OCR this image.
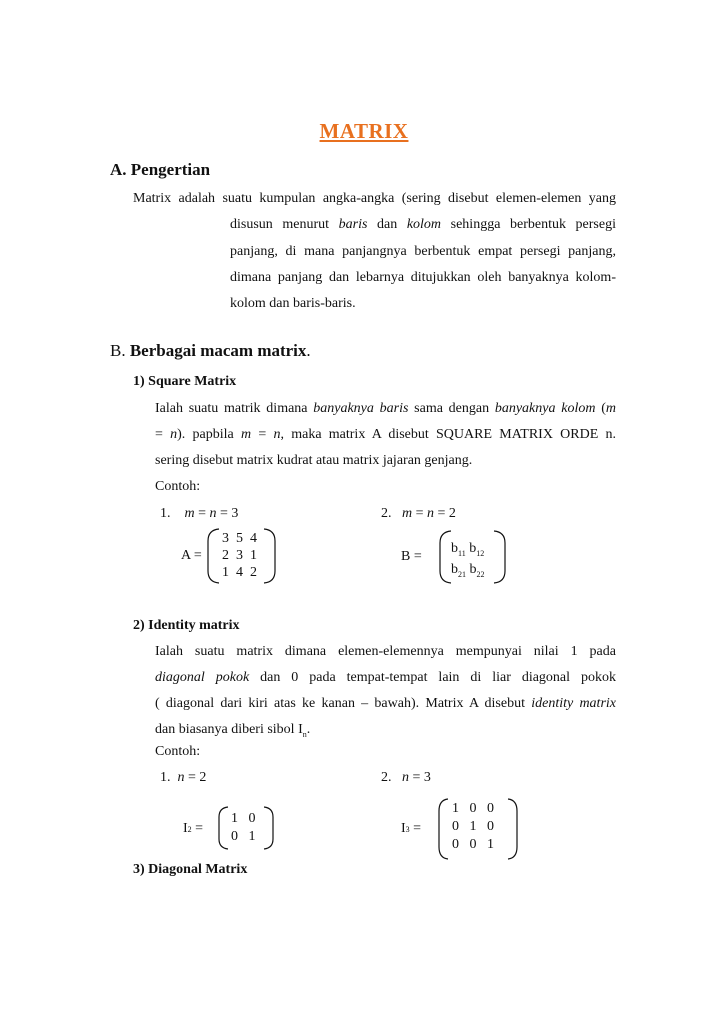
MATRIX
A. Pengertian
Matrix adalah suatu kumpulan angka-angka (sering disebut elemen-elemen yang
disusun menurut baris dan kolom sehingga berbentuk persegi
panjang, di mana panjangnya berbentuk empat persegi panjang,
dimana panjang dan lebarnya ditujukkan oleh banyaknya kolom-
kolom dan baris-baris.
B. Berbagai macam matrix.
1) Square Matrix
Ialah suatu matrik dimana banyaknya baris sama dengan banyaknya kolom (m
= n). papbila m = n, maka matrix A disebut SQUARE MATRIX ORDE n.
sering disebut matrix kudrat atau matrix jajaran genjang.
Contoh:
1. m = n = 3	2. m = n = 2
A =
3  5  4
2  3  1
1  4  2
B =
$b_{11}$ $b_{12}$
$b_{21}$ $b_{22}$
2) Identity matrix
Ialah suatu matrix dimana elemen-elemennya mempunyai nilai 1 pada
diagonal pokok dan 0 pada tempat-tempat lain di liar diagonal pokok
( diagonal dari kiri atas ke kanan – bawah). Matrix A disebut identity matrix
dan biasanya diberi sibol $I_n$.
Contoh:
1. n = 2	2. n = 3
I2 =
1   0
0   1
I3 =
1   0   0
0   1   0
0   0   1
3) Diagonal Matrix
